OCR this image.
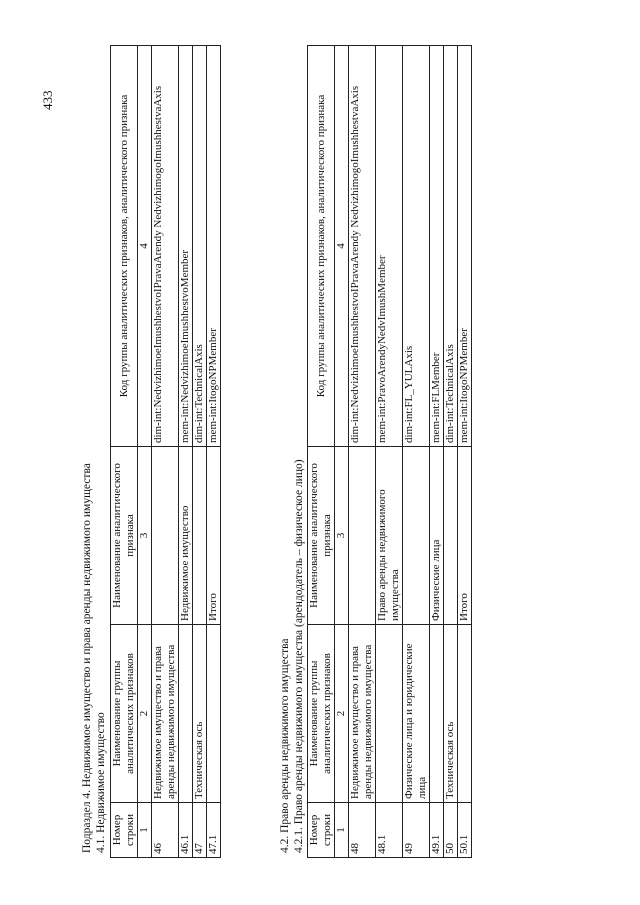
433
Подраздел 4. Недвижимое имущество и права аренды недвижимого имущества 4.1. Недвижимое имущество Номер строки	Наименование группы аналитических признаков	Наименование аналитического признака	Код группы аналитических признаков, аналитического признака
1	2	3	4
46	Недвижимое имущество и права аренды недвижимого имущества		dim-int:NedvizhimoeImushhestvoIPravaArendy NedvizhimogoImushhestvaAxis
46.1		Недвижимое имущество	mem-int:NedvizhimoeImushhestvoMember
47	Техническая ось		dim-int:TechnicalAxis
47.1		Итого	mem-int:ItogoNPMember
4.2. Право аренды недвижимого имущества 4.2.1. Право аренды недвижимого имущества (арендодатель – физическое лицо) Номер строки	Наименование группы аналитических признаков	Наименование аналитического признака	Код группы аналитических признаков, аналитического признака
1	2	3	4
48	Недвижимое имущество и права аренды недвижимого имущества		dim-int:NedvizhimoeImushhestvoIPravaArendy NedvizhimogoImushhestvaAxis
48.1		Право аренды недвижимого имущества	mem-int:PravoArendyNedvImushMember
49	Физические лица и юридические лица		dim-int:FL_YULAxis
49.1		Физические лица	mem-int:FLMember
50	Техническая ось		dim-int:TechnicalAxis
50.1		Итого	mem-int:ItogoNPMember
